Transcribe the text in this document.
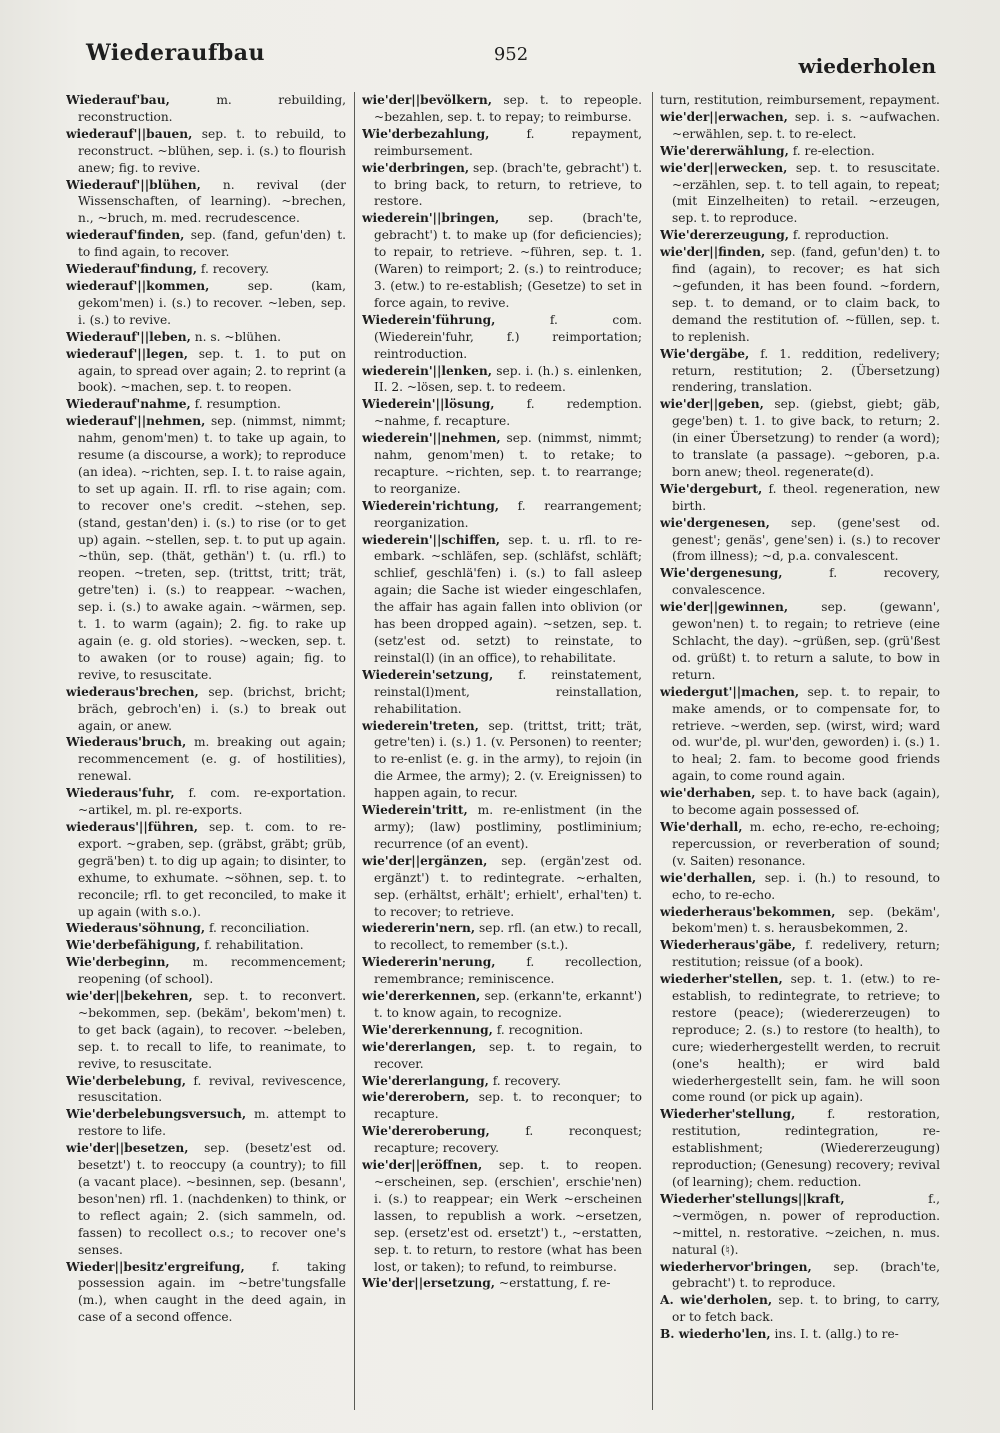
Wiederaufbau	952	wiederholen

Wiederauf'bau, m. rebuilding, reconstruction.

wiederauf'||bauen, sep. t. to rebuild, to reconstruct. ~blühen, sep. i. (s.) to flourish anew; fig. to revive.

Wiederauf'||blühen, n. revival (der Wissenschaften, of learning). ~brechen, n., ~bruch, m. med. recrudescence.

wiederauf'finden, sep. (fand, gefun'den) t. to find again, to recover.

Wiederauf'findung, f. recovery.

wiederauf'||kommen, sep. (kam, gekom'men) i. (s.) to recover. ~leben, sep. i. (s.) to revive.

Wiederauf'||leben, n. s. ~blühen.

wiederauf'||legen, sep. t. 1. to put on again, to spread over again; 2. to reprint (a book). ~machen, sep. t. to reopen.

Wiederauf'nahme, f. resumption.

wiederauf'||nehmen, sep. (nimmst, nimmt; nahm, genom'men) t. to take up again, to resume (a discourse, a work); to reproduce (an idea). ~richten, sep. I. t. to raise again, to set up again. II. rfl. to rise again; com. to recover one's credit. ~stehen, sep. (stand, gestan'den) i. (s.) to rise (or to get up) again. ~stellen, sep. t. to put up again. ~thün, sep. (thät, gethän') t. (u. rfl.) to reopen. ~treten, sep. (trittst, tritt; trät, getre'ten) i. (s.) to reappear. ~wachen, sep. i. (s.) to awake again. ~wärmen, sep. t. 1. to warm (again); 2. fig. to rake up again (e. g. old stories). ~wecken, sep. t. to awaken (or to rouse) again; fig. to revive, to resuscitate.

wiederaus'brechen, sep. (brichst, bricht; bräch, gebroch'en) i. (s.) to break out again, or anew.

Wiederaus'bruch, m. breaking out again; recommencement (e. g. of hostilities), renewal.

Wiederaus'fuhr, f. com. re-exportation. ~artikel, m. pl. re-exports.

wiederaus'||führen, sep. t. com. to re-export. ~graben, sep. (gräbst, gräbt; grüb, gegrä'ben) t. to dig up again; to disinter, to exhume, to exhumate. ~söhnen, sep. t. to reconcile; rfl. to get reconciled, to make it up again (with s.o.).

Wiederaus'söhnung, f. reconciliation.

Wie'derbefähigung, f. rehabilitation.

Wie'derbeginn, m. recommencement; reopening (of school).

wie'der||bekehren, sep. t. to reconvert. ~bekommen, sep. (bekäm', bekom'men) t. to get back (again), to recover. ~beleben, sep. t. to recall to life, to reanimate, to revive, to resuscitate.

Wie'derbelebung, f. revival, revivescence, resuscitation.

Wie'derbelebungsversuch, m. attempt to restore to life.

wie'der||besetzen, sep. (besetz'est od. besetzt') t. to reoccupy (a country); to fill (a vacant place). ~besinnen, sep. (besann', beson'nen) rfl. 1. (nachdenken) to think, or to reflect again; 2. (sich sammeln, od. fassen) to recollect o.s.; to recover one's senses.

Wieder||besitz'ergreifung, f. taking possession again. im ~betre'tungsfalle (m.), when caught in the deed again, in case of a second offence.

wie'der||bevölkern, sep. t. to repeople. ~bezahlen, sep. t. to repay; to reimburse.

Wie'derbezahlung, f. repayment, reimbursement.

wie'derbringen, sep. (brach'te, gebracht') t. to bring back, to return, to retrieve, to restore.

wiederein'||bringen, sep. (brach'te, gebracht') t. to make up (for deficiencies); to repair, to retrieve. ~führen, sep. t. 1. (Waren) to reimport; 2. (s.) to reintroduce; 3. (etw.) to re-establish; (Gesetze) to set in force again, to revive.

Wiederein'führung, f. com. (Wiederein'fuhr, f.) reimportation; reintroduction.

wiederein'||lenken, sep. i. (h.) s. einlenken, II. 2. ~lösen, sep. t. to redeem.

Wiederein'||lösung, f. redemption. ~nahme, f. recapture.

wiederein'||nehmen, sep. (nimmst, nimmt; nahm, genom'men) t. to retake; to recapture. ~richten, sep. t. to rearrange; to reorganize.

Wiederein'richtung, f. rearrangement; reorganization.

wiederein'||schiffen, sep. t. u. rfl. to re-embark. ~schläfen, sep. (schläfst, schläft; schlief, geschlä'fen) i. (s.) to fall asleep again; die Sache ist wieder eingeschlafen, the affair has again fallen into oblivion (or has been dropped again). ~setzen, sep. t. (setz'est od. setzt) to reinstate, to reinstal(l) (in an office), to rehabilitate.

Wiederein'setzung, f. reinstatement, reinstal(l)ment, reinstallation, rehabilitation.

wiederein'treten, sep. (trittst, tritt; trät, getre'ten) i. (s.) 1. (v. Personen) to reenter; to re-enlist (e. g. in the army), to rejoin (in die Armee, the army); 2. (v. Ereignissen) to happen again, to recur.

Wiederein'tritt, m. re-enlistment (in the army); (law) postliminy, postliminium; recurrence (of an event).

wie'der||ergänzen, sep. (ergän'zest od. ergänzt') t. to redintegrate. ~erhalten, sep. (erhältst, erhält'; erhielt', erhal'ten) t. to recover; to retrieve.

wiedererin'nern, sep. rfl. (an etw.) to recall, to recollect, to remember (s.t.).

Wiedererin'nerung, f. recollection, remembrance; reminiscence.

wie'dererkennen, sep. (erkann'te, erkannt') t. to know again, to recognize.

Wie'dererkennung, f. recognition.

wie'dererlangen, sep. t. to regain, to recover.

Wie'dererlangung, f. recovery.

wie'dererobern, sep. t. to reconquer; to recapture.

Wie'dereroberung, f. reconquest; recapture; recovery.

wie'der||eröffnen, sep. t. to reopen. ~erscheinen, sep. (erschien', erschie'nen) i. (s.) to reappear; ein Werk ~erscheinen lassen, to republish a work. ~ersetzen, sep. (ersetz'est od. ersetzt') t., ~erstatten, sep. t. to return, to restore (what has been lost, or taken); to refund, to reimburse.

Wie'der||ersetzung, ~erstattung, f. re-

turn, restitution, reimbursement, repayment.

wie'der||erwachen, sep. i. s. ~aufwachen. ~erwählen, sep. t. to re-elect.

Wie'dererwählung, f. re-election.

wie'der||erwecken, sep. t. to resuscitate. ~erzählen, sep. t. to tell again, to repeat; (mit Einzelheiten) to retail. ~erzeugen, sep. t. to reproduce.

Wie'dererzeugung, f. reproduction.

wie'der||finden, sep. (fand, gefun'den) t. to find (again), to recover; es hat sich ~gefunden, it has been found. ~fordern, sep. t. to demand, or to claim back, to demand the restitution of. ~füllen, sep. t. to replenish.

Wie'dergäbe, f. 1. reddition, redelivery; return, restitution; 2. (Übersetzung) rendering, translation.

wie'der||geben, sep. (giebst, giebt; gäb, gege'ben) t. 1. to give back, to return; 2. (in einer Übersetzung) to render (a word); to translate (a passage). ~geboren, p.a. born anew; theol. regenerate(d).

Wie'dergeburt, f. theol. regeneration, new birth.

wie'dergenesen, sep. (gene'sest od. genest'; genäs', gene'sen) i. (s.) to recover (from illness); ~d, p.a. convalescent.

Wie'dergenesung, f. recovery, convalescence.

wie'der||gewinnen, sep. (gewann', gewon'nen) t. to regain; to retrieve (eine Schlacht, the day). ~grüßen, sep. (grü'ßest od. grüßt) t. to return a salute, to bow in return.

wiedergut'||machen, sep. t. to repair, to make amends, or to compensate for, to retrieve. ~werden, sep. (wirst, wird; ward od. wur'de, pl. wur'den, geworden) i. (s.) 1. to heal; 2. fam. to become good friends again, to come round again.

wie'derhaben, sep. t. to have back (again), to become again possessed of.

Wie'derhall, m. echo, re-echo, re-echoing; repercussion, or reverberation of sound; (v. Saiten) resonance.

wie'derhallen, sep. i. (h.) to resound, to echo, to re-echo.

wiederheraus'bekommen, sep. (bekäm', bekom'men) t. s. herausbekommen, 2.

Wiederheraus'gäbe, f. redelivery, return; restitution; reissue (of a book).

wiederher'stellen, sep. t. 1. (etw.) to re-establish, to redintegrate, to retrieve; to restore (peace); (wiedererzeugen) to reproduce; 2. (s.) to restore (to health), to cure; wiederhergestellt werden, to recruit (one's health); er wird bald wiederhergestellt sein, fam. he will soon come round (or pick up again).

Wiederher'stellung, f. restoration, restitution, redintegration, re-establishment; (Wiedererzeugung) reproduction; (Genesung) recovery; revival (of learning); chem. reduction.

Wiederher'stellungs||kraft, f., ~vermögen, n. power of reproduction. ~mittel, n. restorative. ~zeichen, n. mus. natural (♮).

wiederhervor'bringen, sep. (brach'te, gebracht') t. to reproduce.

A. wie'derholen, sep. t. to bring, to carry, or to fetch back.

B. wiederho'len, ins. I. t. (allg.) to re-
